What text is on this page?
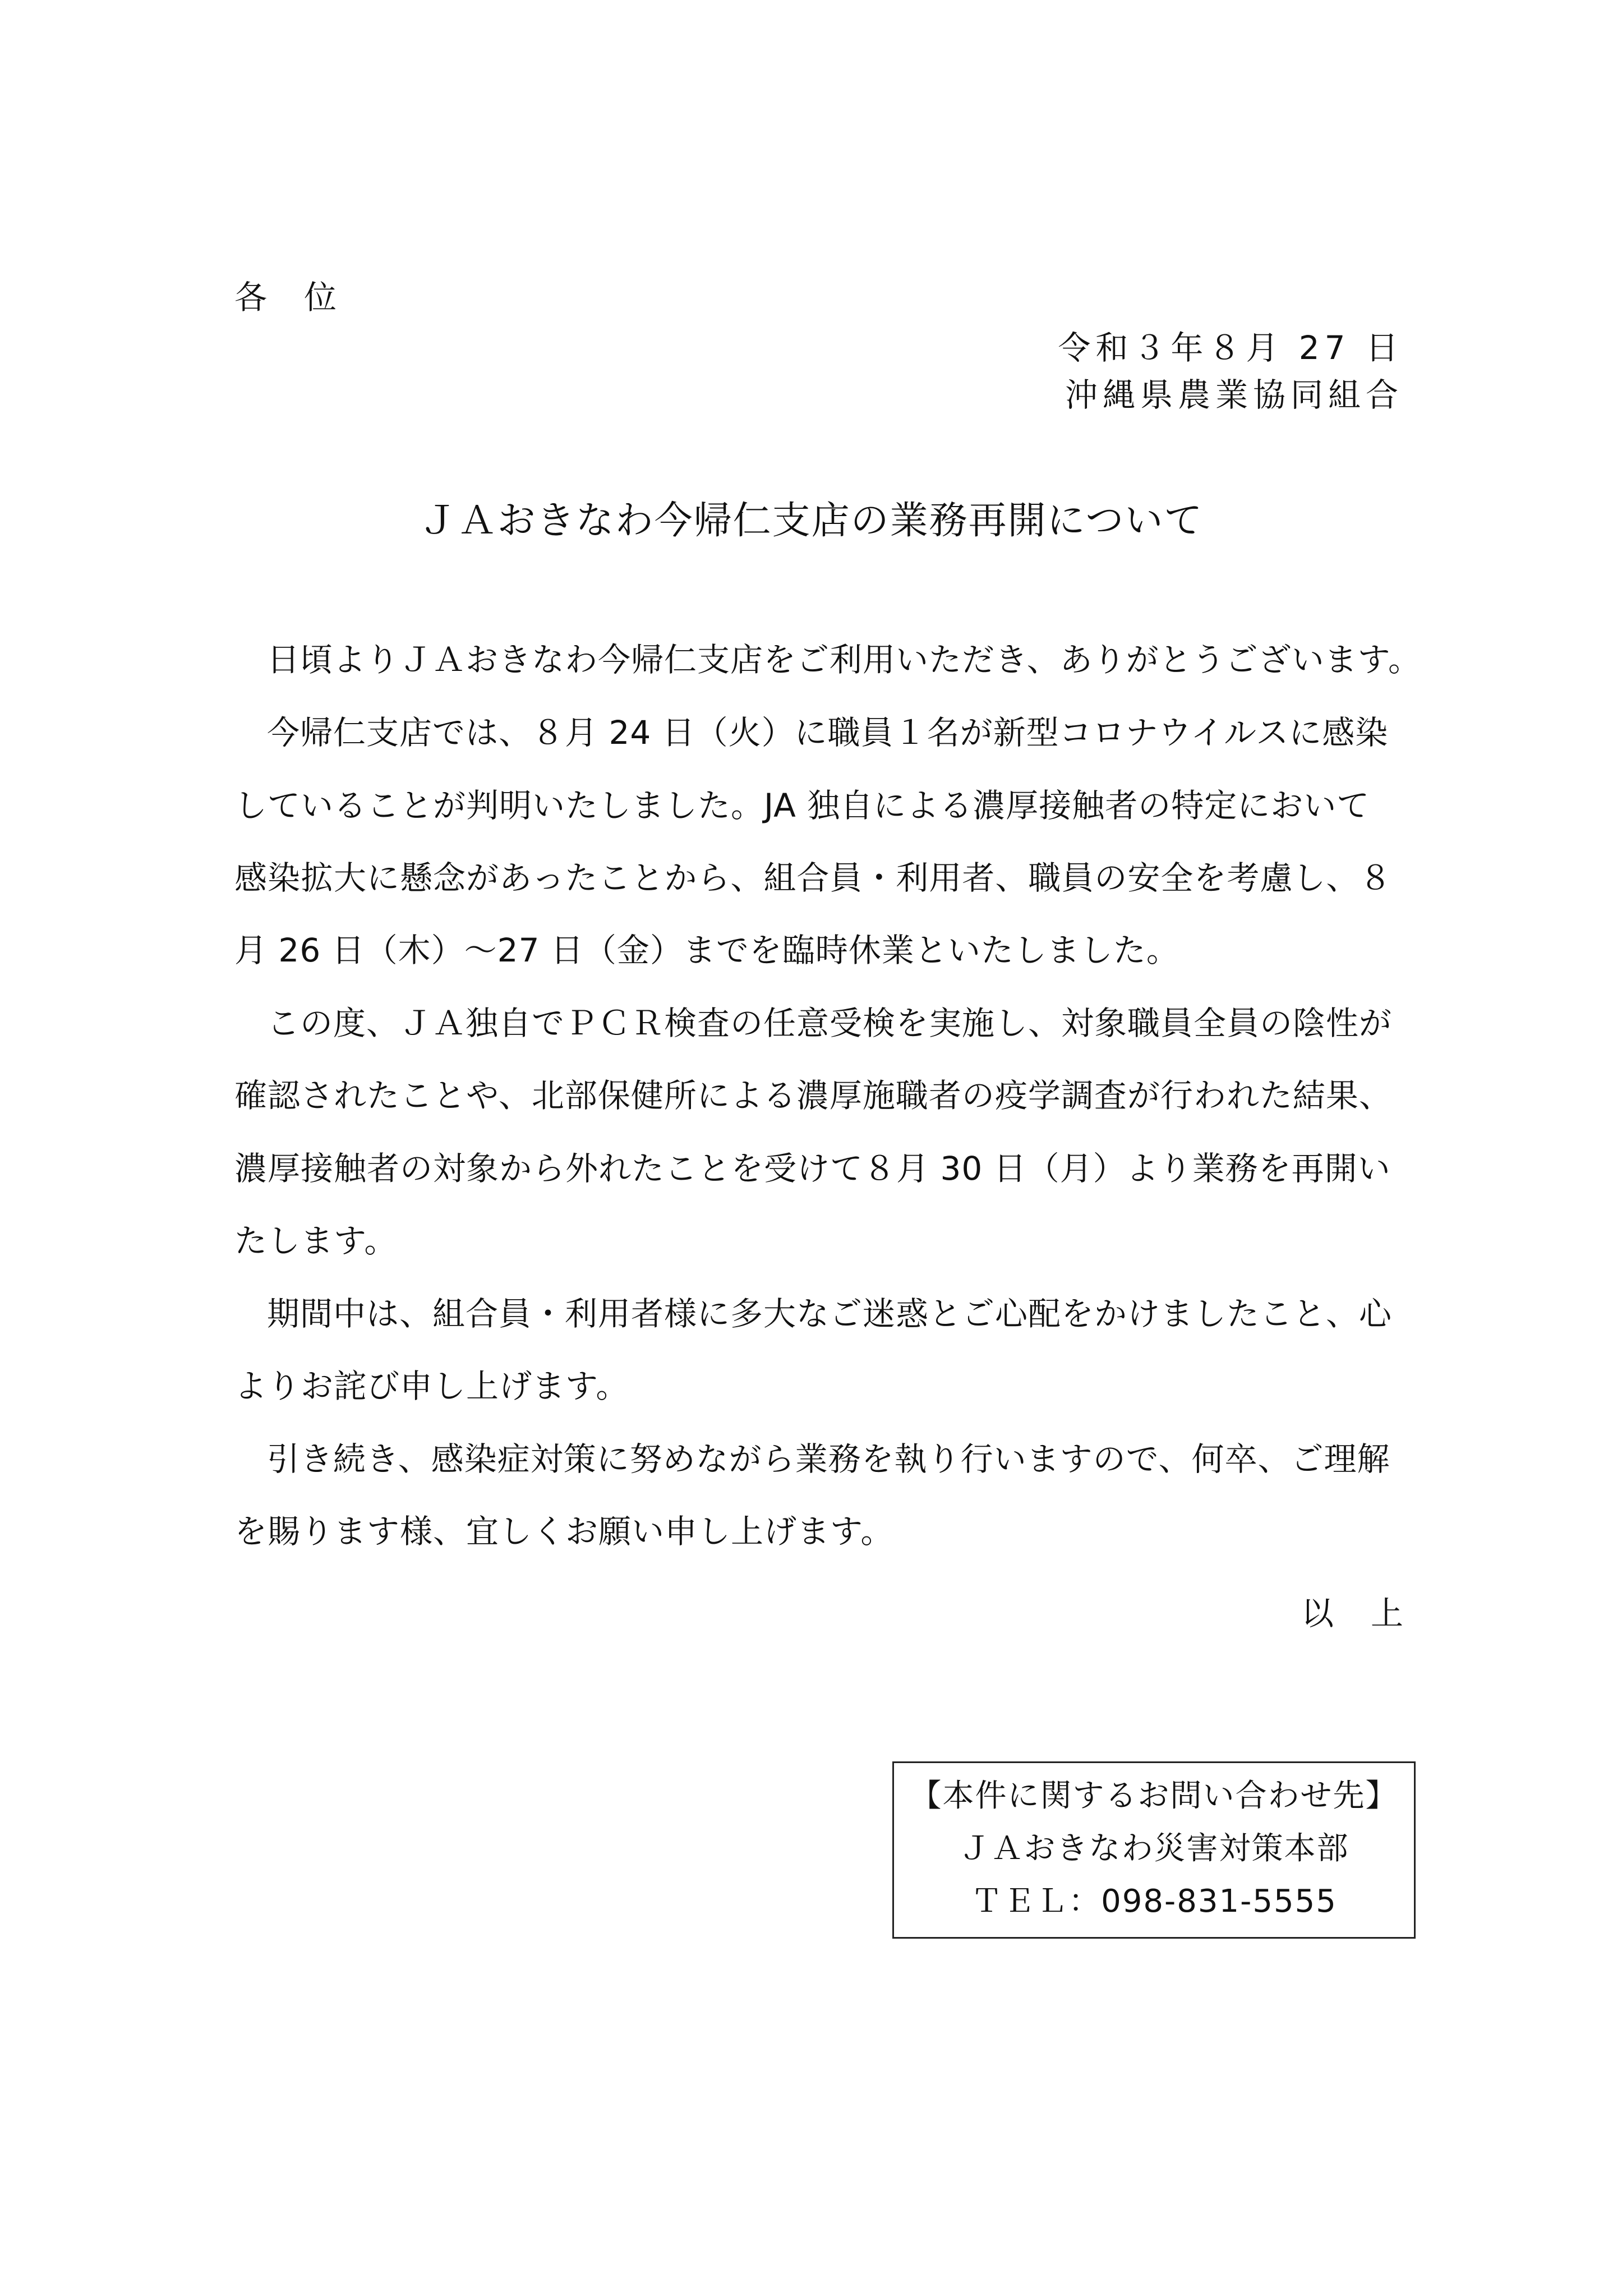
各 位
令和３年８月 27 日
沖縄県農業協同組合
ＪＡおきなわ今帰仁支店の業務再開について
日頃よりＪＡおきなわ今帰仁支店をご利用いただき、ありがとうございます。
今帰仁支店では、８月 24 日（火）に職員１名が新型コロナウイルスに感染
していることが判明いたしました。JA 独自による濃厚接触者の特定において
感染拡大に懸念があったことから、組合員・利用者、職員の安全を考慮し、８
月 26 日（木）～27 日（金）までを臨時休業といたしました。
この度、ＪＡ独自でＰＣＲ検査の任意受検を実施し、対象職員全員の陰性が
確認されたことや、北部保健所による濃厚施職者の疫学調査が行われた結果、
濃厚接触者の対象から外れたことを受けて８月 30 日（月）より業務を再開い
たします。
期間中は、組合員・利用者様に多大なご迷惑とご心配をかけましたこと、心
よりお詫び申し上げます。
引き続き、感染症対策に努めながら業務を執り行いますので、何卒、ご理解
を賜ります様、宜しくお願い申し上げます。
以 上
【本件に関するお問い合わせ先】
ＪＡおきなわ災害対策本部
ＴＥＬ：098-831-5555
